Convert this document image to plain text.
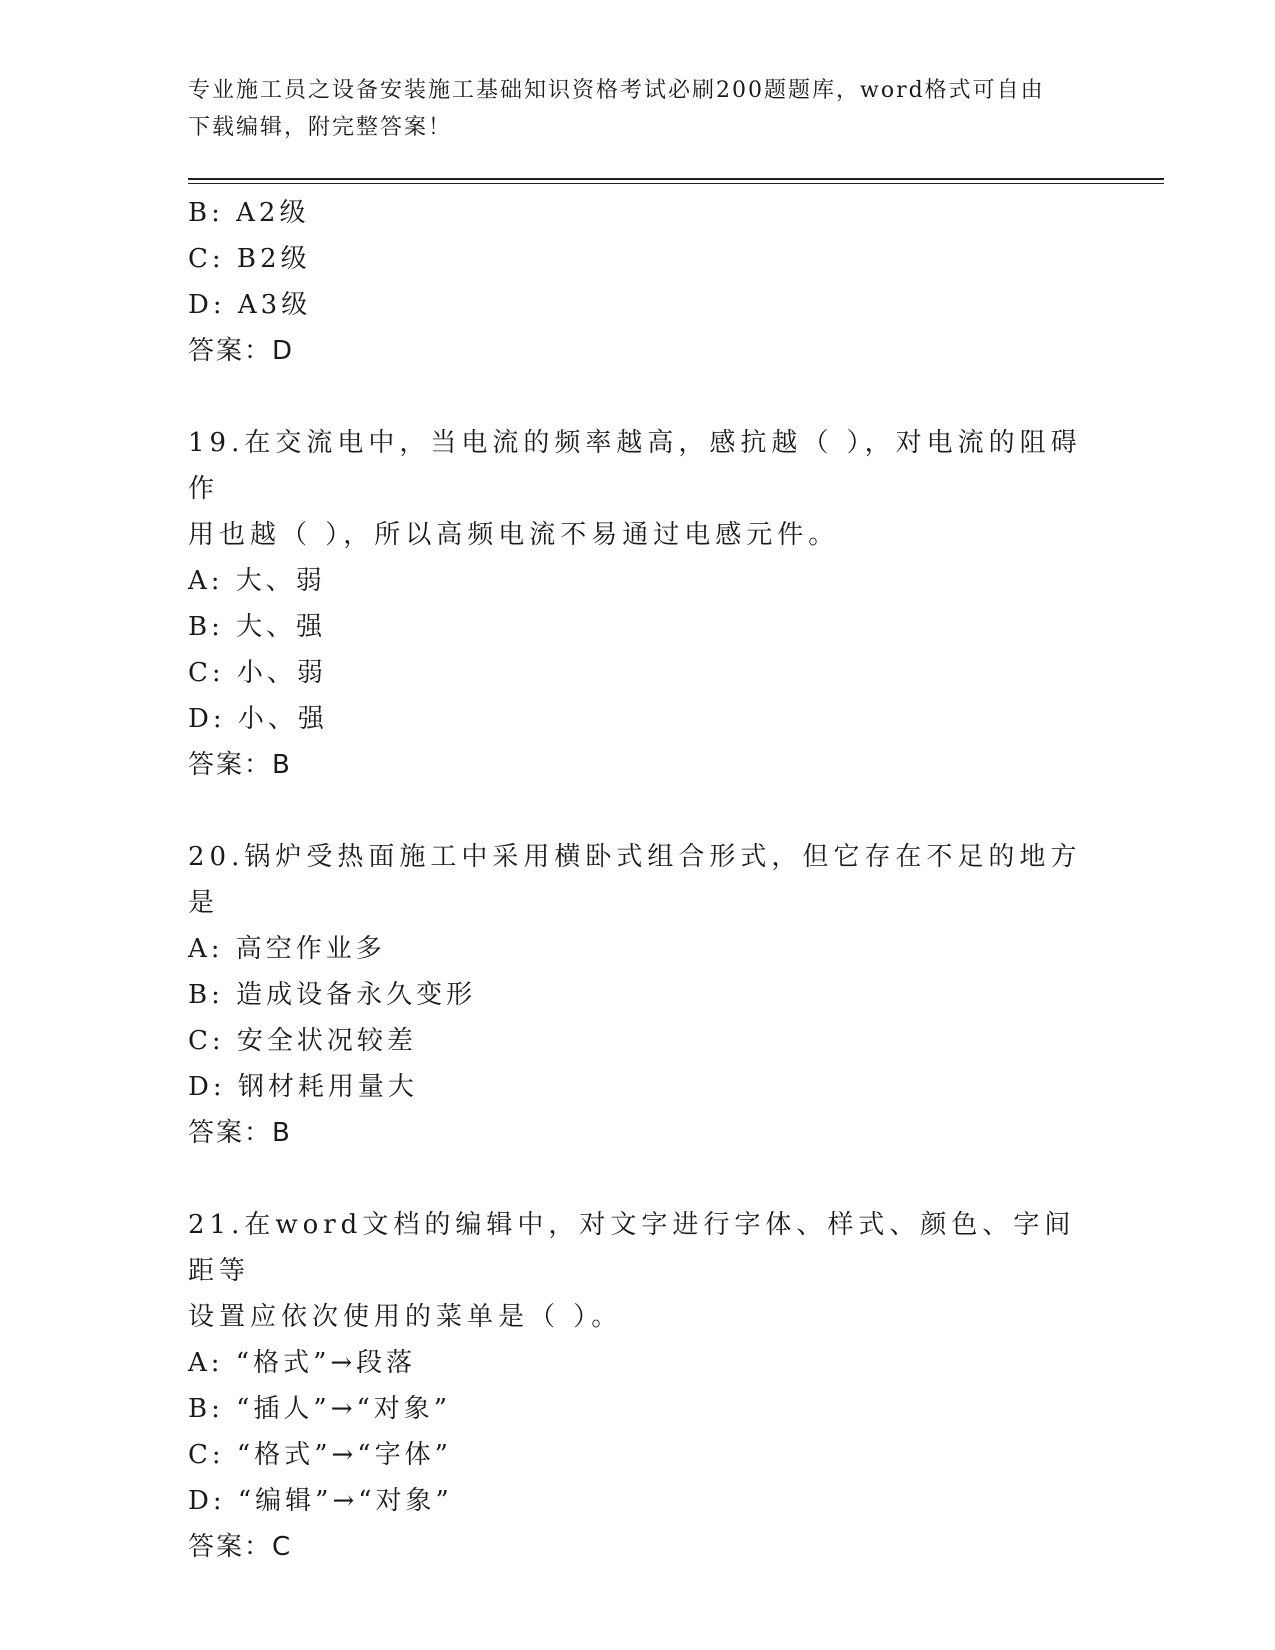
专业施工员之设备安装施工基础知识资格考试必刷200题题库，word格式可自由
下载编辑，附完整答案！
B: A2级
C: B2级
D: A3级
答案：D
19.在交流电中，当电流的频率越高，感抗越（ ），对电流的阻碍作
用也越（ ），所以高频电流不易通过电感元件。
A: 大、弱
B: 大、强
C: 小、弱
D: 小、强
答案：B
20.锅炉受热面施工中采用横卧式组合形式，但它存在不足的地方是
A: 高空作业多
B: 造成设备永久变形
C: 安全状况较差
D: 钢材耗用量大
答案：B
21.在word文档的编辑中，对文字进行字体、样式、颜色、字间距等
设置应依次使用的菜单是（ ）。
A: “格式”→段落
B: “插人”→“对象”
C: “格式”→“字体”
D: “编辑”→“对象”
答案：C
